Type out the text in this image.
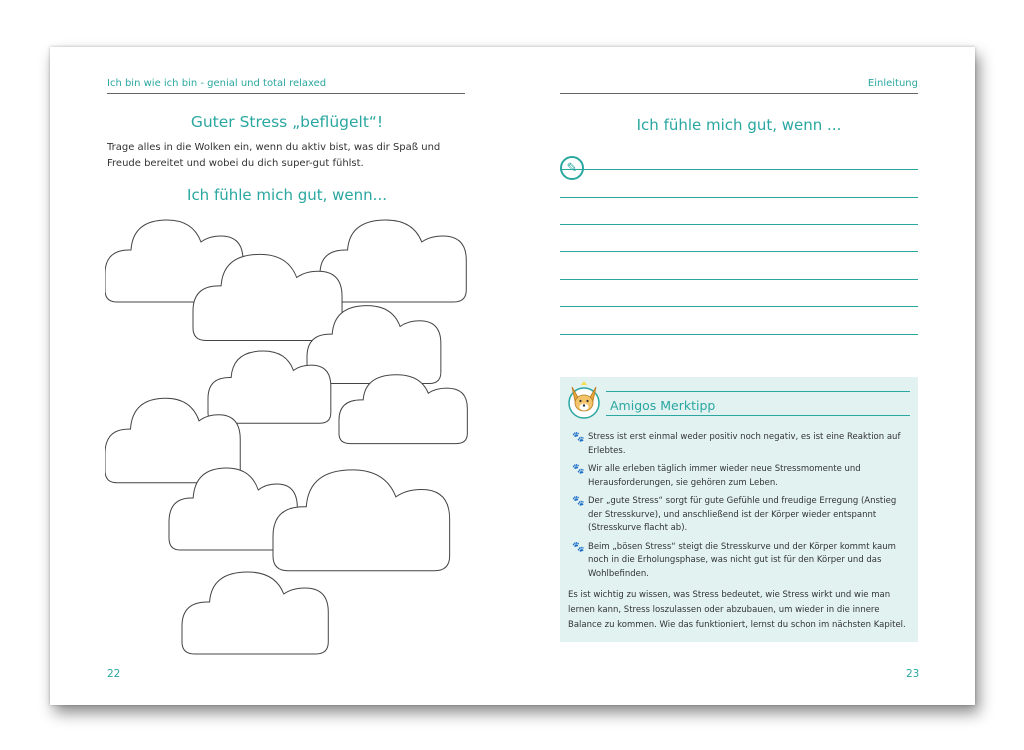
Ich bin wie ich bin - genial und total relaxed
Guter Stress „beflügelt“!
Trage alles in die Wolken ein, wenn du aktiv bist, was dir Spaß und Freude bereitet und wobei du dich super-gut fühlst.
Ich fühle mich gut, wenn...
22
Einleitung
Ich fühle mich gut, wenn ...
✎
Amigos Merktipp
🐾 Stress ist erst einmal weder positiv noch negativ, es ist eine Reaktion auf Erlebtes.
🐾 Wir alle erleben täglich immer wieder neue Stressmomente und Herausforderungen, sie gehören zum Leben.
🐾 Der „gute Stress“ sorgt für gute Gefühle und freudige Erregung (Anstieg der Stresskurve), und anschließend ist der Körper wieder entspannt (Stresskurve flacht ab).
🐾 Beim „bösen Stress“ steigt die Stresskurve und der Körper kommt kaum noch in die Erholungsphase, was nicht gut ist für den Körper und das Wohlbefinden.
Es ist wichtig zu wissen, was Stress bedeutet, wie Stress wirkt und wie man lernen kann, Stress loszulassen oder abzubauen, um wieder in die innere Balance zu kommen. Wie das funktioniert, lernst du schon im nächsten Kapitel.
23
